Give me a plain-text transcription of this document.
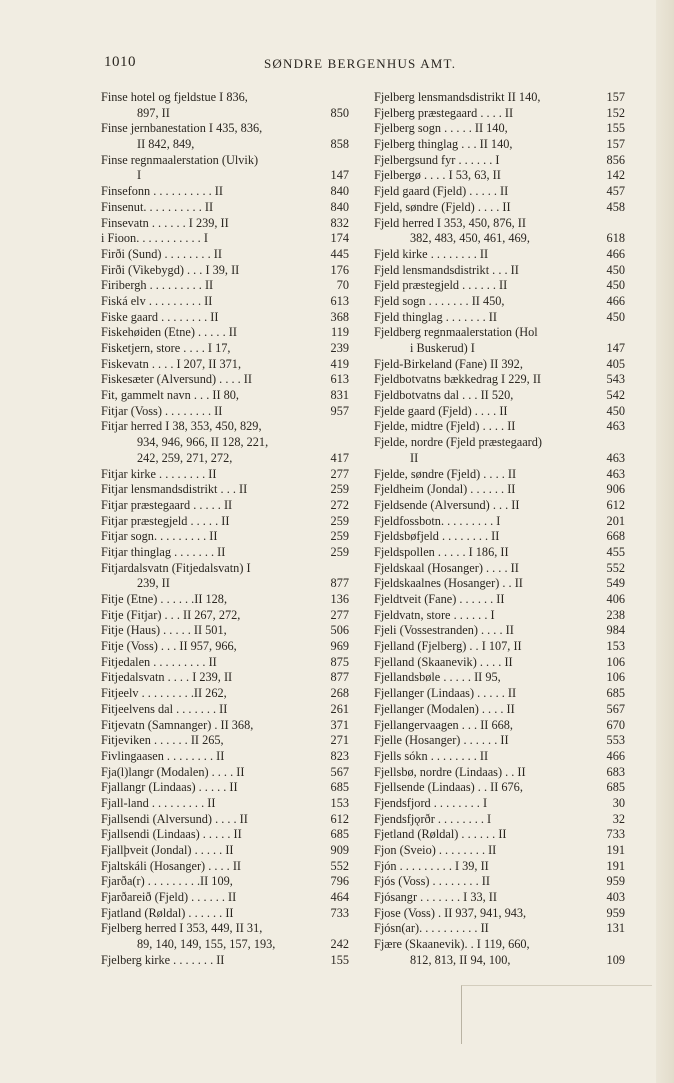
1010	SØNDRE BERGENHUS AMT.
Finse hotel og fjeldstue I 836,
897, II	850
Finse jernbanestation I 435, 836,
II 842, 849,	858
Finse regnmaalerstation (Ulvik)
I	147
Finsefonn . . . . . . . . . . II	840
Finsenut. . . . . . . . . . II	840
Finsevatn . . . . . . I 239, II	832
i Fioon. . . . . . . . . . . I	174
Firði (Sund) . . . . . . . . II	445
Firði (Vikebygd) . . . I 39, II	176
Firibergh . . . . . . . . . II	70
Fiská elv . . . . . . . . . II	613
Fiske gaard . . . . . . . . II	368
Fiskehøiden (Etne) . . . . . II	119
Fisketjern, store . . . . I 17,	239
Fiskevatn . . . . I 207, II 371,	419
Fiskesæter (Alversund) . . . . II	613
Fit, gammelt navn . . . II 80,	831
Fitjar (Voss) . . . . . . . . II	957
Fitjar herred I 38, 353, 450, 829,
934, 946, 966, II 128, 221,
242, 259, 271, 272,	417
Fitjar kirke . . . . . . . . II	277
Fitjar lensmandsdistrikt . . . II	259
Fitjar præstegaard . . . . . II	272
Fitjar præstegjeld . . . . . II	259
Fitjar sogn. . . . . . . . . II	259
Fitjar thinglag . . . . . . . II	259
Fitjardalsvatn (Fitjedalsvatn) I
239, II	877
Fitje (Etne) . . . . . .II 128,	136
Fitje (Fitjar) . . . II 267, 272,	277
Fitje (Haus) . . . . . II 501,	506
Fitje (Voss) . . . II 957, 966,	969
Fitjedalen . . . . . . . . . II	875
Fitjedalsvatn . . . . I 239, II	877
Fitjeelv . . . . . . . . .II 262,	268
Fitjeelvens dal . . . . . . . II	261
Fitjevatn (Samnanger) . II 368,	371
Fitjeviken . . . . . . II 265,	271
Fivlingaasen . . . . . . . . II	823
Fja(l)langr (Modalen) . . . . II	567
Fjallangr (Lindaas) . . . . . II	685
Fjall-land . . . . . . . . . II	153
Fjallsendi (Alversund) . . . . II	612
Fjallsendi (Lindaas) . . . . . II	685
Fjallþveit (Jondal) . . . . . II	909
Fjaltskáli (Hosanger) . . . . II	552
Fjarða(r) . . . . . . . . .II 109,	796
Fjarðareið (Fjeld) . . . . . . II	464
Fjatland (Røldal) . . . . . . II	733
Fjelberg herred I 353, 449, II 31,
89, 140, 149, 155, 157, 193,	242
Fjelberg kirke . . . . . . . II	155
Fjelberg lensmandsdistrikt II 140,	157
Fjelberg præstegaard . . . . II	152
Fjelberg sogn . . . . . II 140,	155
Fjelberg thinglag . . . II 140,	157
Fjelbergsund fyr . . . . . . I	856
Fjelbergø . . . . I 53, 63, II	142
Fjeld gaard (Fjeld) . . . . . II	457
Fjeld, søndre (Fjeld) . . . . II	458
Fjeld herred I 353, 450, 876, II
382, 483, 450, 461, 469,	618
Fjeld kirke . . . . . . . . II	466
Fjeld lensmandsdistrikt . . . II	450
Fjeld præstegjeld . . . . . . II	450
Fjeld sogn . . . . . . . II 450,	466
Fjeld thinglag . . . . . . . II	450
Fjeldberg regnmaalerstation (Hol
i Buskerud) I	147
Fjeld-Birkeland (Fane) II 392,	405
Fjeldbotvatns bækkedrag I 229, II	543
Fjeldbotvatns dal . . . II 520,	542
Fjelde gaard (Fjeld) . . . . II	450
Fjelde, midtre (Fjeld) . . . . II	463
Fjelde, nordre (Fjeld præstegaard)
II	463
Fjelde, søndre (Fjeld) . . . . II	463
Fjeldheim (Jondal) . . . . . . II	906
Fjeldsende (Alversund) . . . II	612
Fjeldfossbotn. . . . . . . . . I	201
Fjeldsbøfjeld . . . . . . . . II	668
Fjeldspollen . . . . . I 186, II	455
Fjeldskaal (Hosanger) . . . . II	552
Fjeldskaalnes (Hosanger) . . II	549
Fjeldtveit (Fane) . . . . . . II	406
Fjeldvatn, store . . . . . . I	238
Fjeli (Vossestranden) . . . . II	984
Fjelland (Fjelberg) . . I 107, II	153
Fjelland (Skaanevik) . . . . II	106
Fjellandsbøle . . . . . II 95,	106
Fjellanger (Lindaas) . . . . . II	685
Fjellanger (Modalen) . . . . II	567
Fjellangervaagen . . . II 668,	670
Fjelle (Hosanger) . . . . . . II	553
Fjells sókn . . . . . . . . II	466
Fjellsbø, nordre (Lindaas) . . II	683
Fjellsende (Lindaas) . . II 676,	685
Fjendsfjord . . . . . . . . I	30
Fjendsfjǫrðr . . . . . . . . I	32
Fjetland (Røldal) . . . . . . II	733
Fjon (Sveio) . . . . . . . . II	191
Fjón . . . . . . . . . I 39, II	191
Fjós (Voss) . . . . . . . . II	959
Fjósangr . . . . . . . I 33, II	403
Fjose (Voss) . II 937, 941, 943,	959
Fjósn(ar). . . . . . . . . . II	131
Fjære (Skaanevik). . I 119, 660,
812, 813, II 94, 100,	109
